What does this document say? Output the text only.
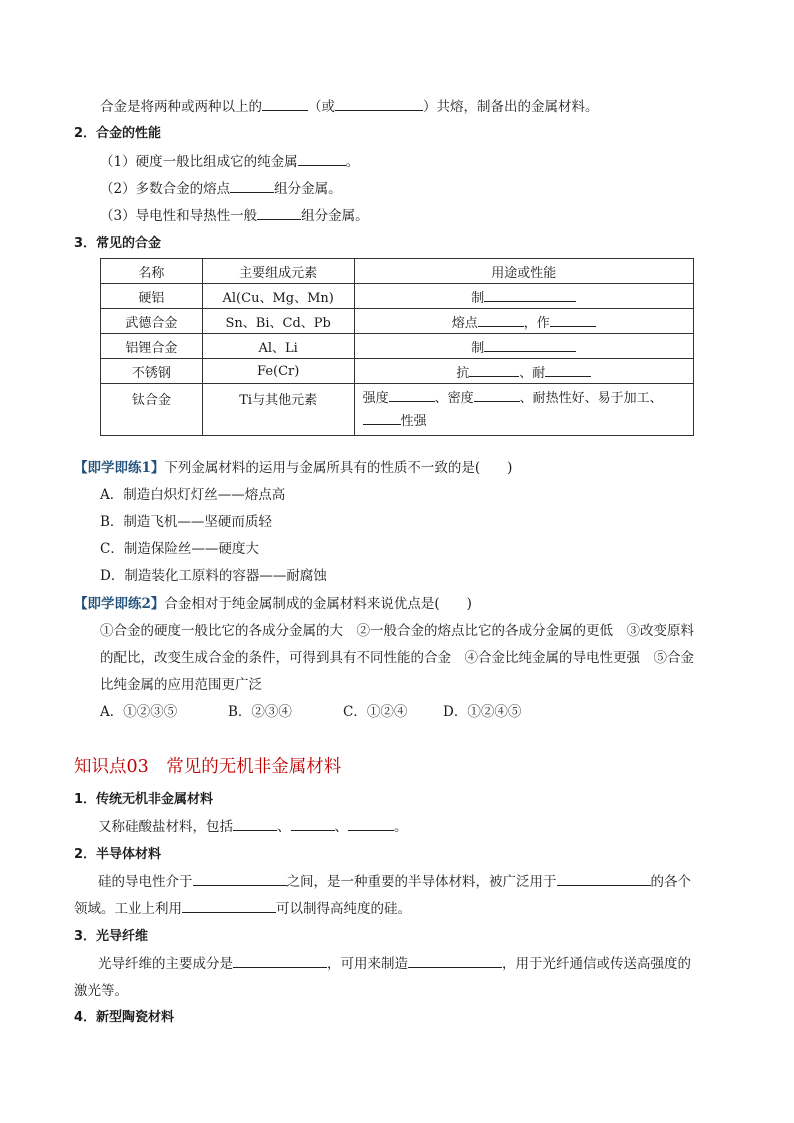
合金是将两种或两种以上的	（或	）共熔，制备出的金属材料。
2．合金的性能
（1）硬度一般比组成它的纯金属	。
（2）多数合金的熔点	组分金属。
（3）导电性和导热性一般	组分金属。
3．常见的合金
名称	主要组成元素	用途或性能
硬铝	Al(Cu、Mg、Mn)	制
武德合金	Sn、Bi、Cd、Pb	熔点 ，作
铝锂合金	Al、Li	制
不锈钢	Fe(Cr)	抗 、耐
钛合金	Ti与其他元素	强度 、密度 、耐热性好、易于加工、
性强
【即学即练1】下列金属材料的运用与金属所具有的性质不一致的是(　　)
A．制造白炽灯灯丝——熔点高
B．制造飞机——坚硬而质轻
C．制造保险丝——硬度大
D．制造装化工原料的容器——耐腐蚀
【即学即练2】合金相对于纯金属制成的金属材料来说优点是(　　)
①合金的硬度一般比它的各成分金属的大　②一般合金的熔点比它的各成分金属的更低　③改变原料
的配比，改变生成合金的条件，可得到具有不同性能的合金　④合金比纯金属的导电性更强　⑤合金
比纯金属的应用范围更广泛
A．①②③⑤	B．②③④	C．①②④	D．①②④⑤
知识点03　常见的无机非金属材料
1．传统无机非金属材料
又称硅酸盐材料，包括	、	、	。
2．半导体材料
硅的导电性介于	之间，是一种重要的半导体材料，被广泛用于	的各个
领域。工业上利用	可以制得高纯度的硅。
3．光导纤维
光导纤维的主要成分是	，可用来制造	，用于光纤通信或传送高强度的
激光等。
4．新型陶瓷材料
